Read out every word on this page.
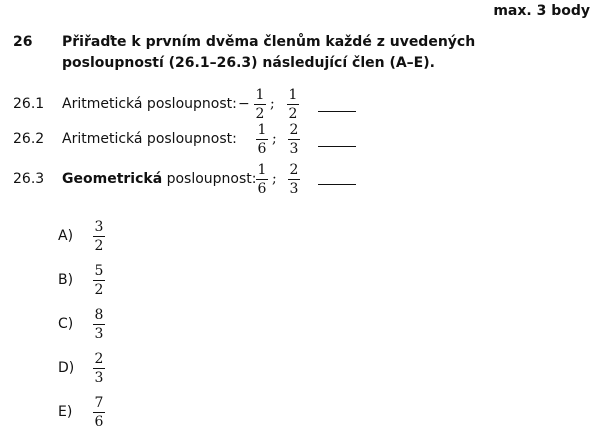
max. 3 body
26 Přiřaďte k prvním dvěma členům každé z uvedených posloupností (26.1–26.3) následující člen (A–E).
26.1 Aritmetická posloupnost: −
1
2
;
1
2
26.2 Aritmetická posloupnost:
1
6
;
2
3
26.3 Geometrická posloupnost:
1
6
;
2
3
A)
3
2
B)
5
2
C)
8
3
D)
2
3
E)
7
6
